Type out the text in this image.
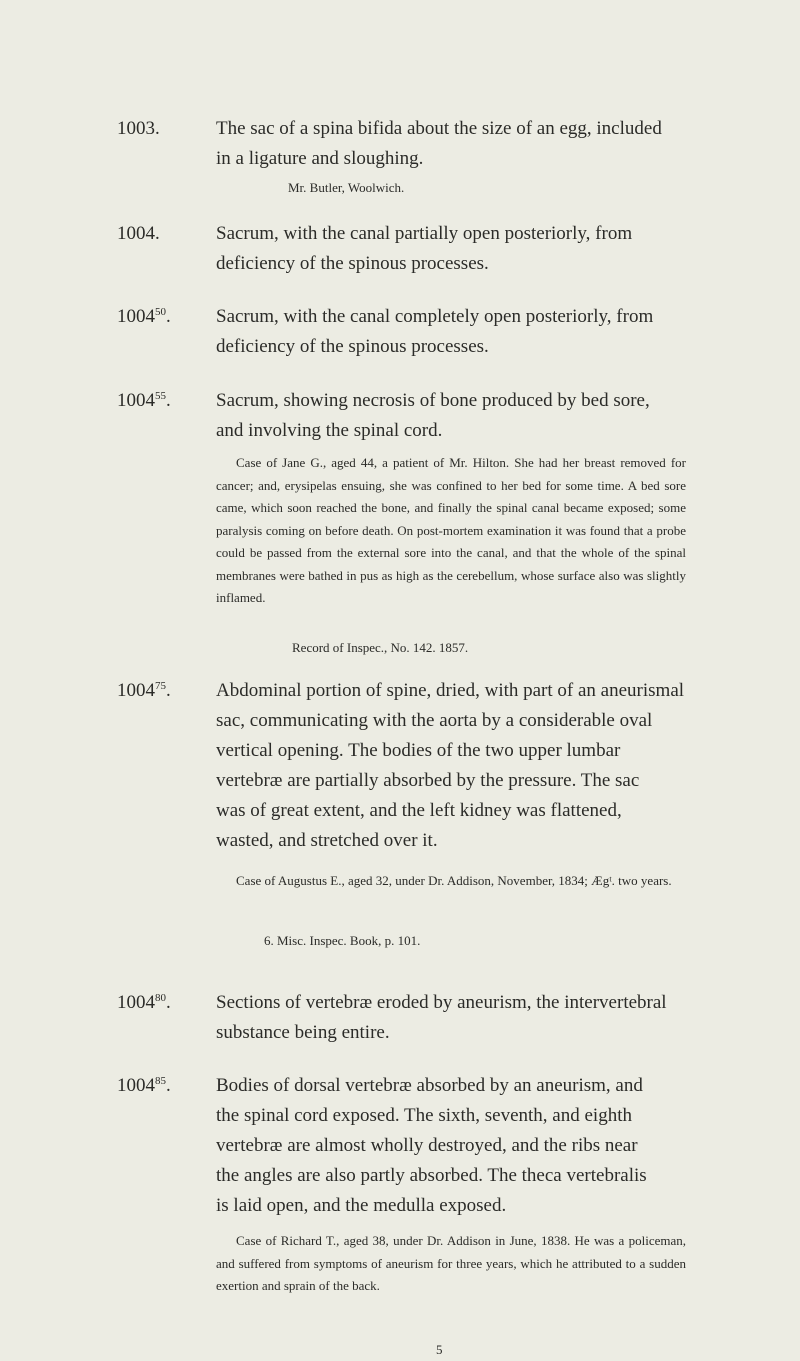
1003.	The sac of a spina bifida about the size of an egg, included
in a ligature and sloughing.
Mr. Butler, Woolwich.
1004.	Sacrum, with the canal partially open posteriorly, from
deficiency of the spinous processes.
1004$^{50}$. Sacrum, with the canal completely open posteriorly, from
deficiency of the spinous processes.
1004$^{55}$. Sacrum, showing necrosis of bone produced by bed sore,
and involving the spinal cord.
Case of Jane G., aged 44, a patient of Mr. Hilton. She had her breast removed for cancer; and, erysipelas ensuing, she was confined to her bed for some time. A bed sore came, which soon reached the bone, and finally the spinal canal became exposed; some paralysis coming on before death. On post-mortem examination it was found that a probe could be passed from the external sore into the canal, and that the whole of the spinal membranes were bathed in pus as high as the cerebellum, whose surface also was slightly inflamed.
Record of Inspec., No. 142. 1857.
1004$^{75}$. Abdominal portion of spine, dried, with part of an aneurismal
sac, communicating with the aorta by a considerable oval
vertical opening. The bodies of the two upper lumbar
vertebræ are partially absorbed by the pressure. The sac
was of great extent, and the left kidney was flattened,
wasted, and stretched over it.
Case of Augustus E., aged 32, under Dr. Addison, November, 1834; Ægᵗ. two years.
6. Misc. Inspec. Book, p. 101.
1004$^{80}$. Sections of vertebræ eroded by aneurism, the intervertebral
substance being entire.
1004$^{85}$. Bodies of dorsal vertebræ absorbed by an aneurism, and
the spinal cord exposed. The sixth, seventh, and eighth
vertebræ are almost wholly destroyed, and the ribs near
the angles are also partly absorbed. The theca vertebralis
is laid open, and the medulla exposed.
Case of Richard T., aged 38, under Dr. Addison in June, 1838. He was a policeman, and suffered from symptoms of aneurism for three years, which he attributed to a sudden exertion and sprain of the back.
5
